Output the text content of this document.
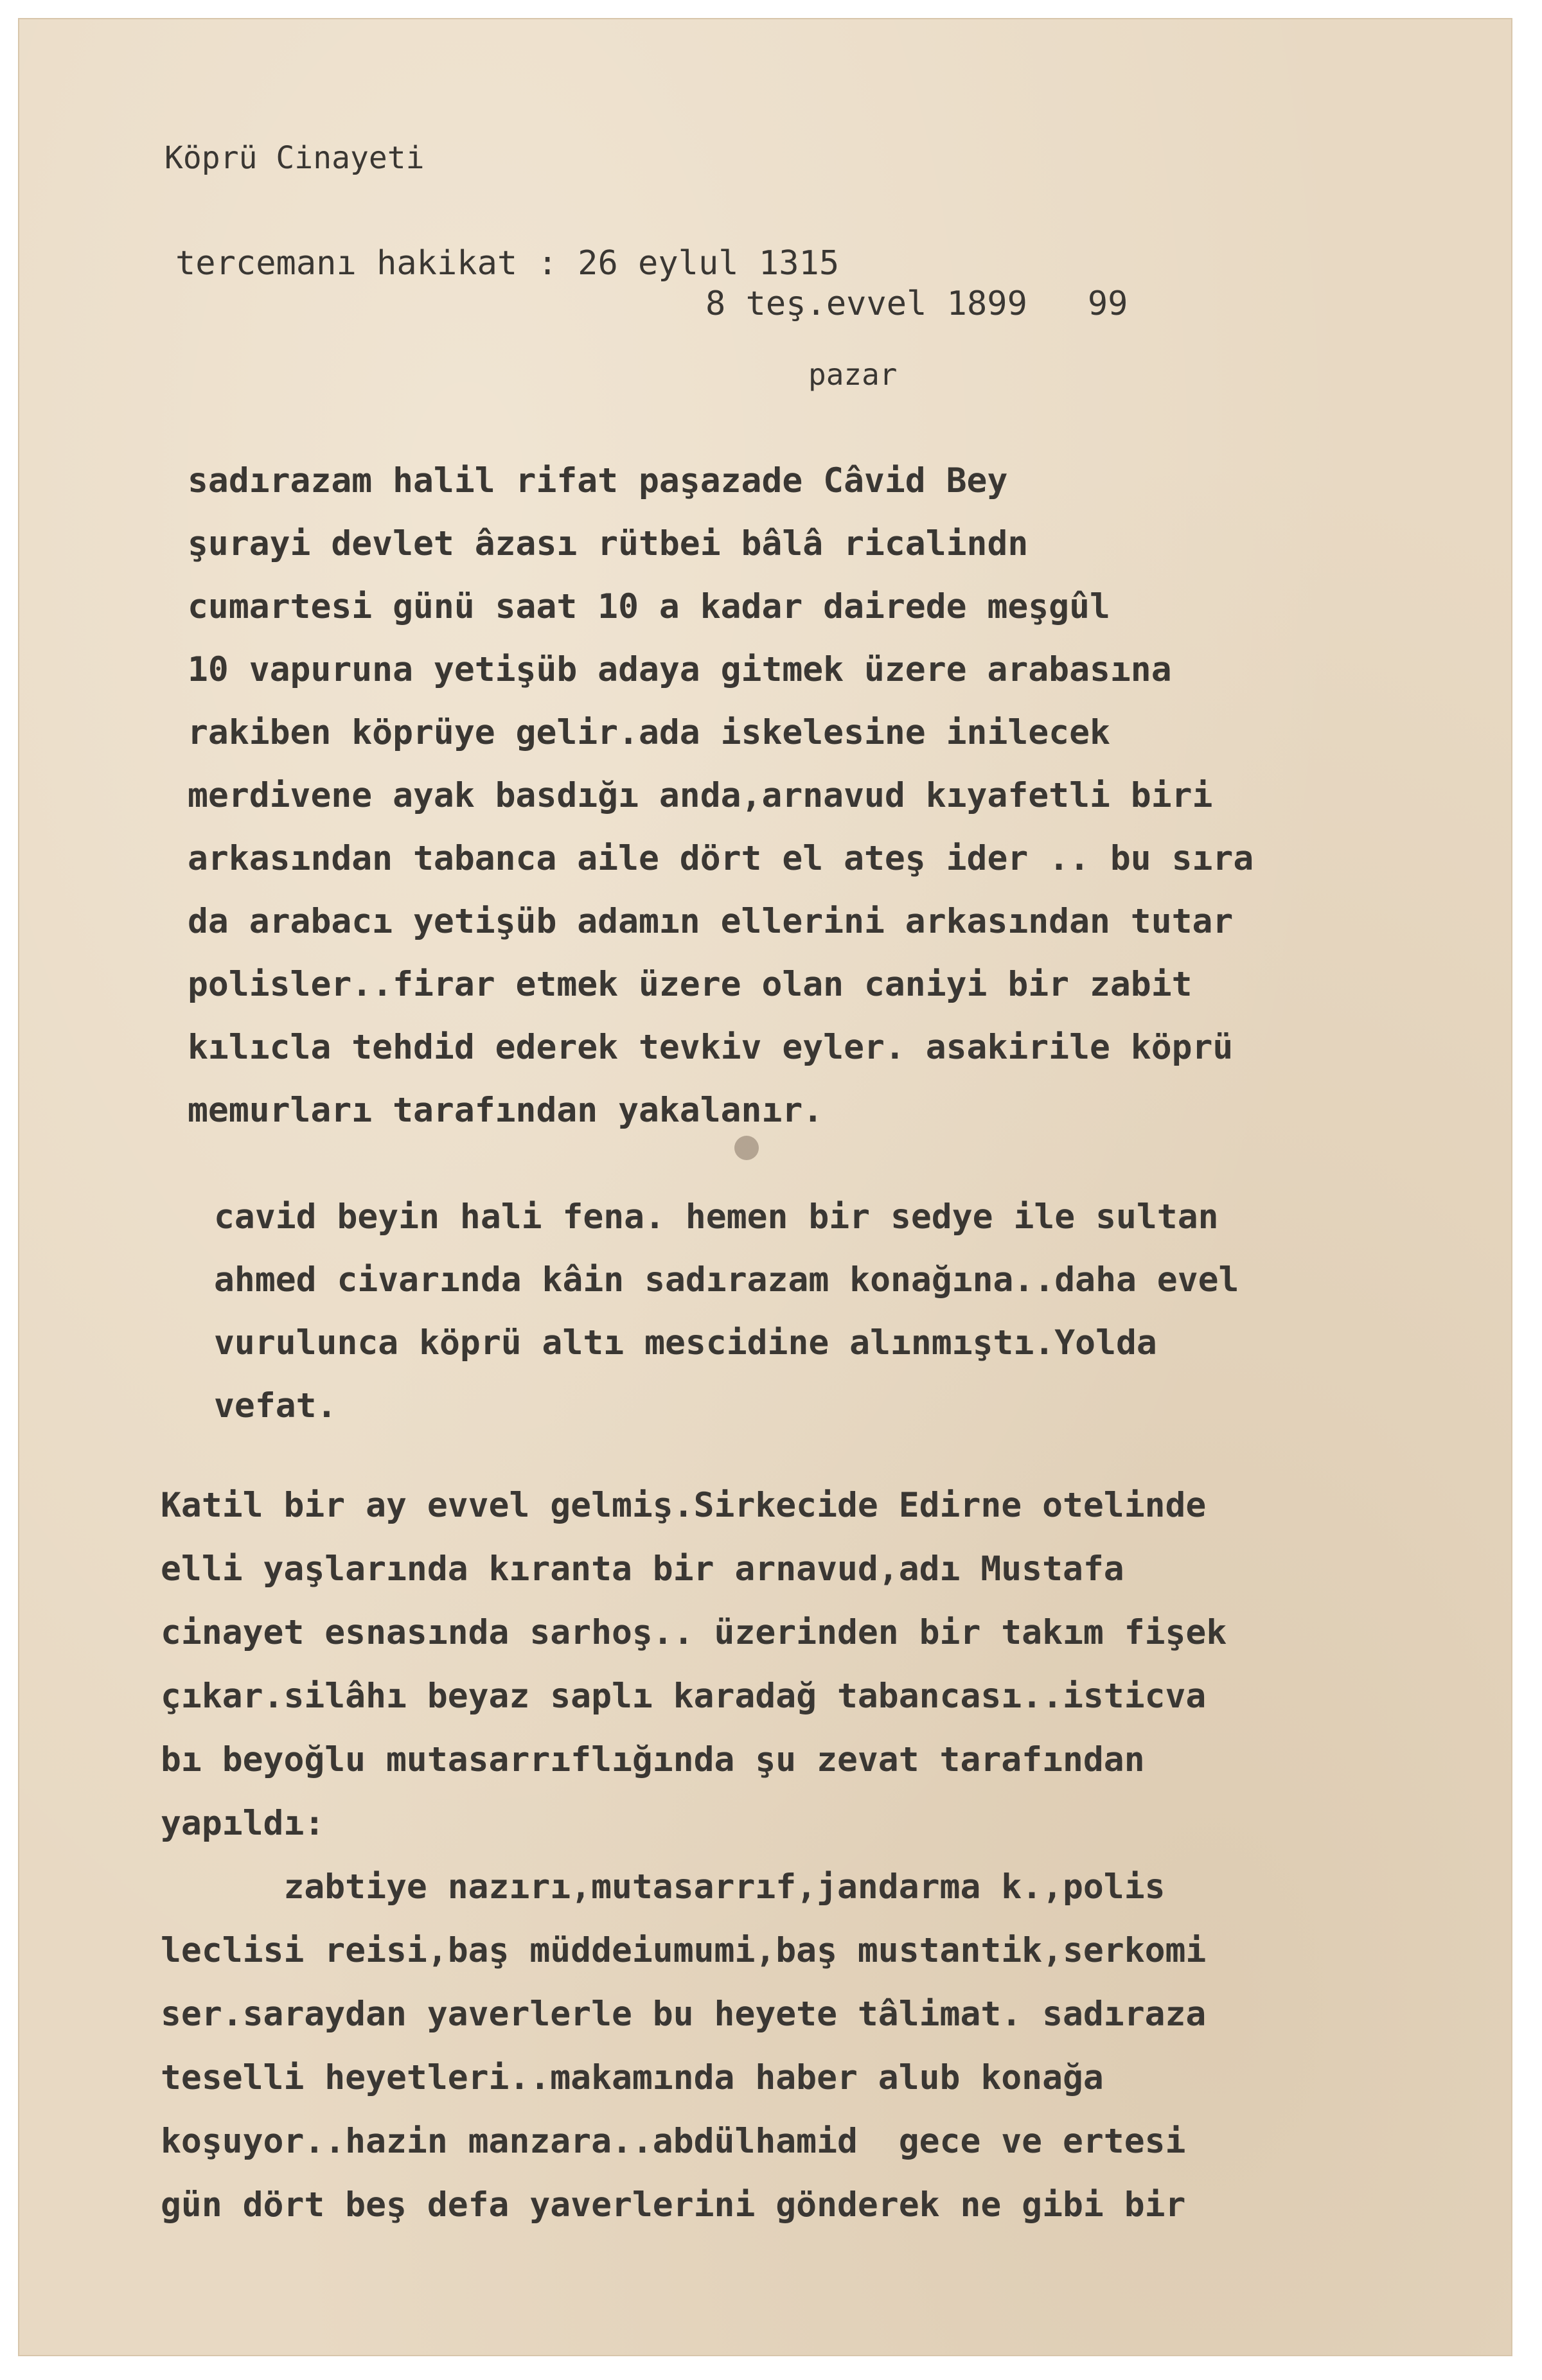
Köprü Cinayeti

tercemanı hakikat : 26 eylul 1315

8 teş.evvel 1899   99

pazar

sadırazam halil rifat paşazade Câvid Bey
şurayi devlet âzası rütbei bâlâ ricalindn
cumartesi günü saat 10 a kadar dairede meşgûl
10 vapuruna yetişüb adaya gitmek üzere arabasına
rakiben köprüye gelir.ada iskelesine inilecek
merdivene ayak basdığı anda,arnavud kıyafetli biri
arkasından tabanca aile dört el ateş ider .. bu sıra
da arabacı yetişüb adamın ellerini arkasından tutar
polisler..firar etmek üzere olan caniyi bir zabit
kılıcla tehdid ederek tevkiv eyler. asakirile köprü
memurları tarafından yakalanır.
cavid beyin hali fena. hemen bir sedye ile sultan
ahmed civarında kâin sadırazam konağına..daha evel
vurulunca köprü altı mescidine alınmıştı.Yolda
vefat.
Katil bir ay evvel gelmiş.Sirkecide Edirne otelinde
elli yaşlarında kıranta bir arnavud,adı Mustafa
cinayet esnasında sarhoş.. üzerinden bir takım fişek
çıkar.silâhı beyaz saplı karadağ tabancası..isticva
bı beyoğlu mutasarrıflığında şu zevat tarafından
yapıldı:
zabtiye nazırı,mutasarrıf,jandarma k.,polis
leclisi reisi,baş müddeiumumi,baş mustantik,serkomi
ser.saraydan yaverlerle bu heyete tâlimat. sadıraza
teselli heyetleri..makamında haber alub konağa
koşuyor..hazin manzara..abdülhamid  gece ve ertesi
gün dört beş defa yaverlerini gönderek ne gibi bir
